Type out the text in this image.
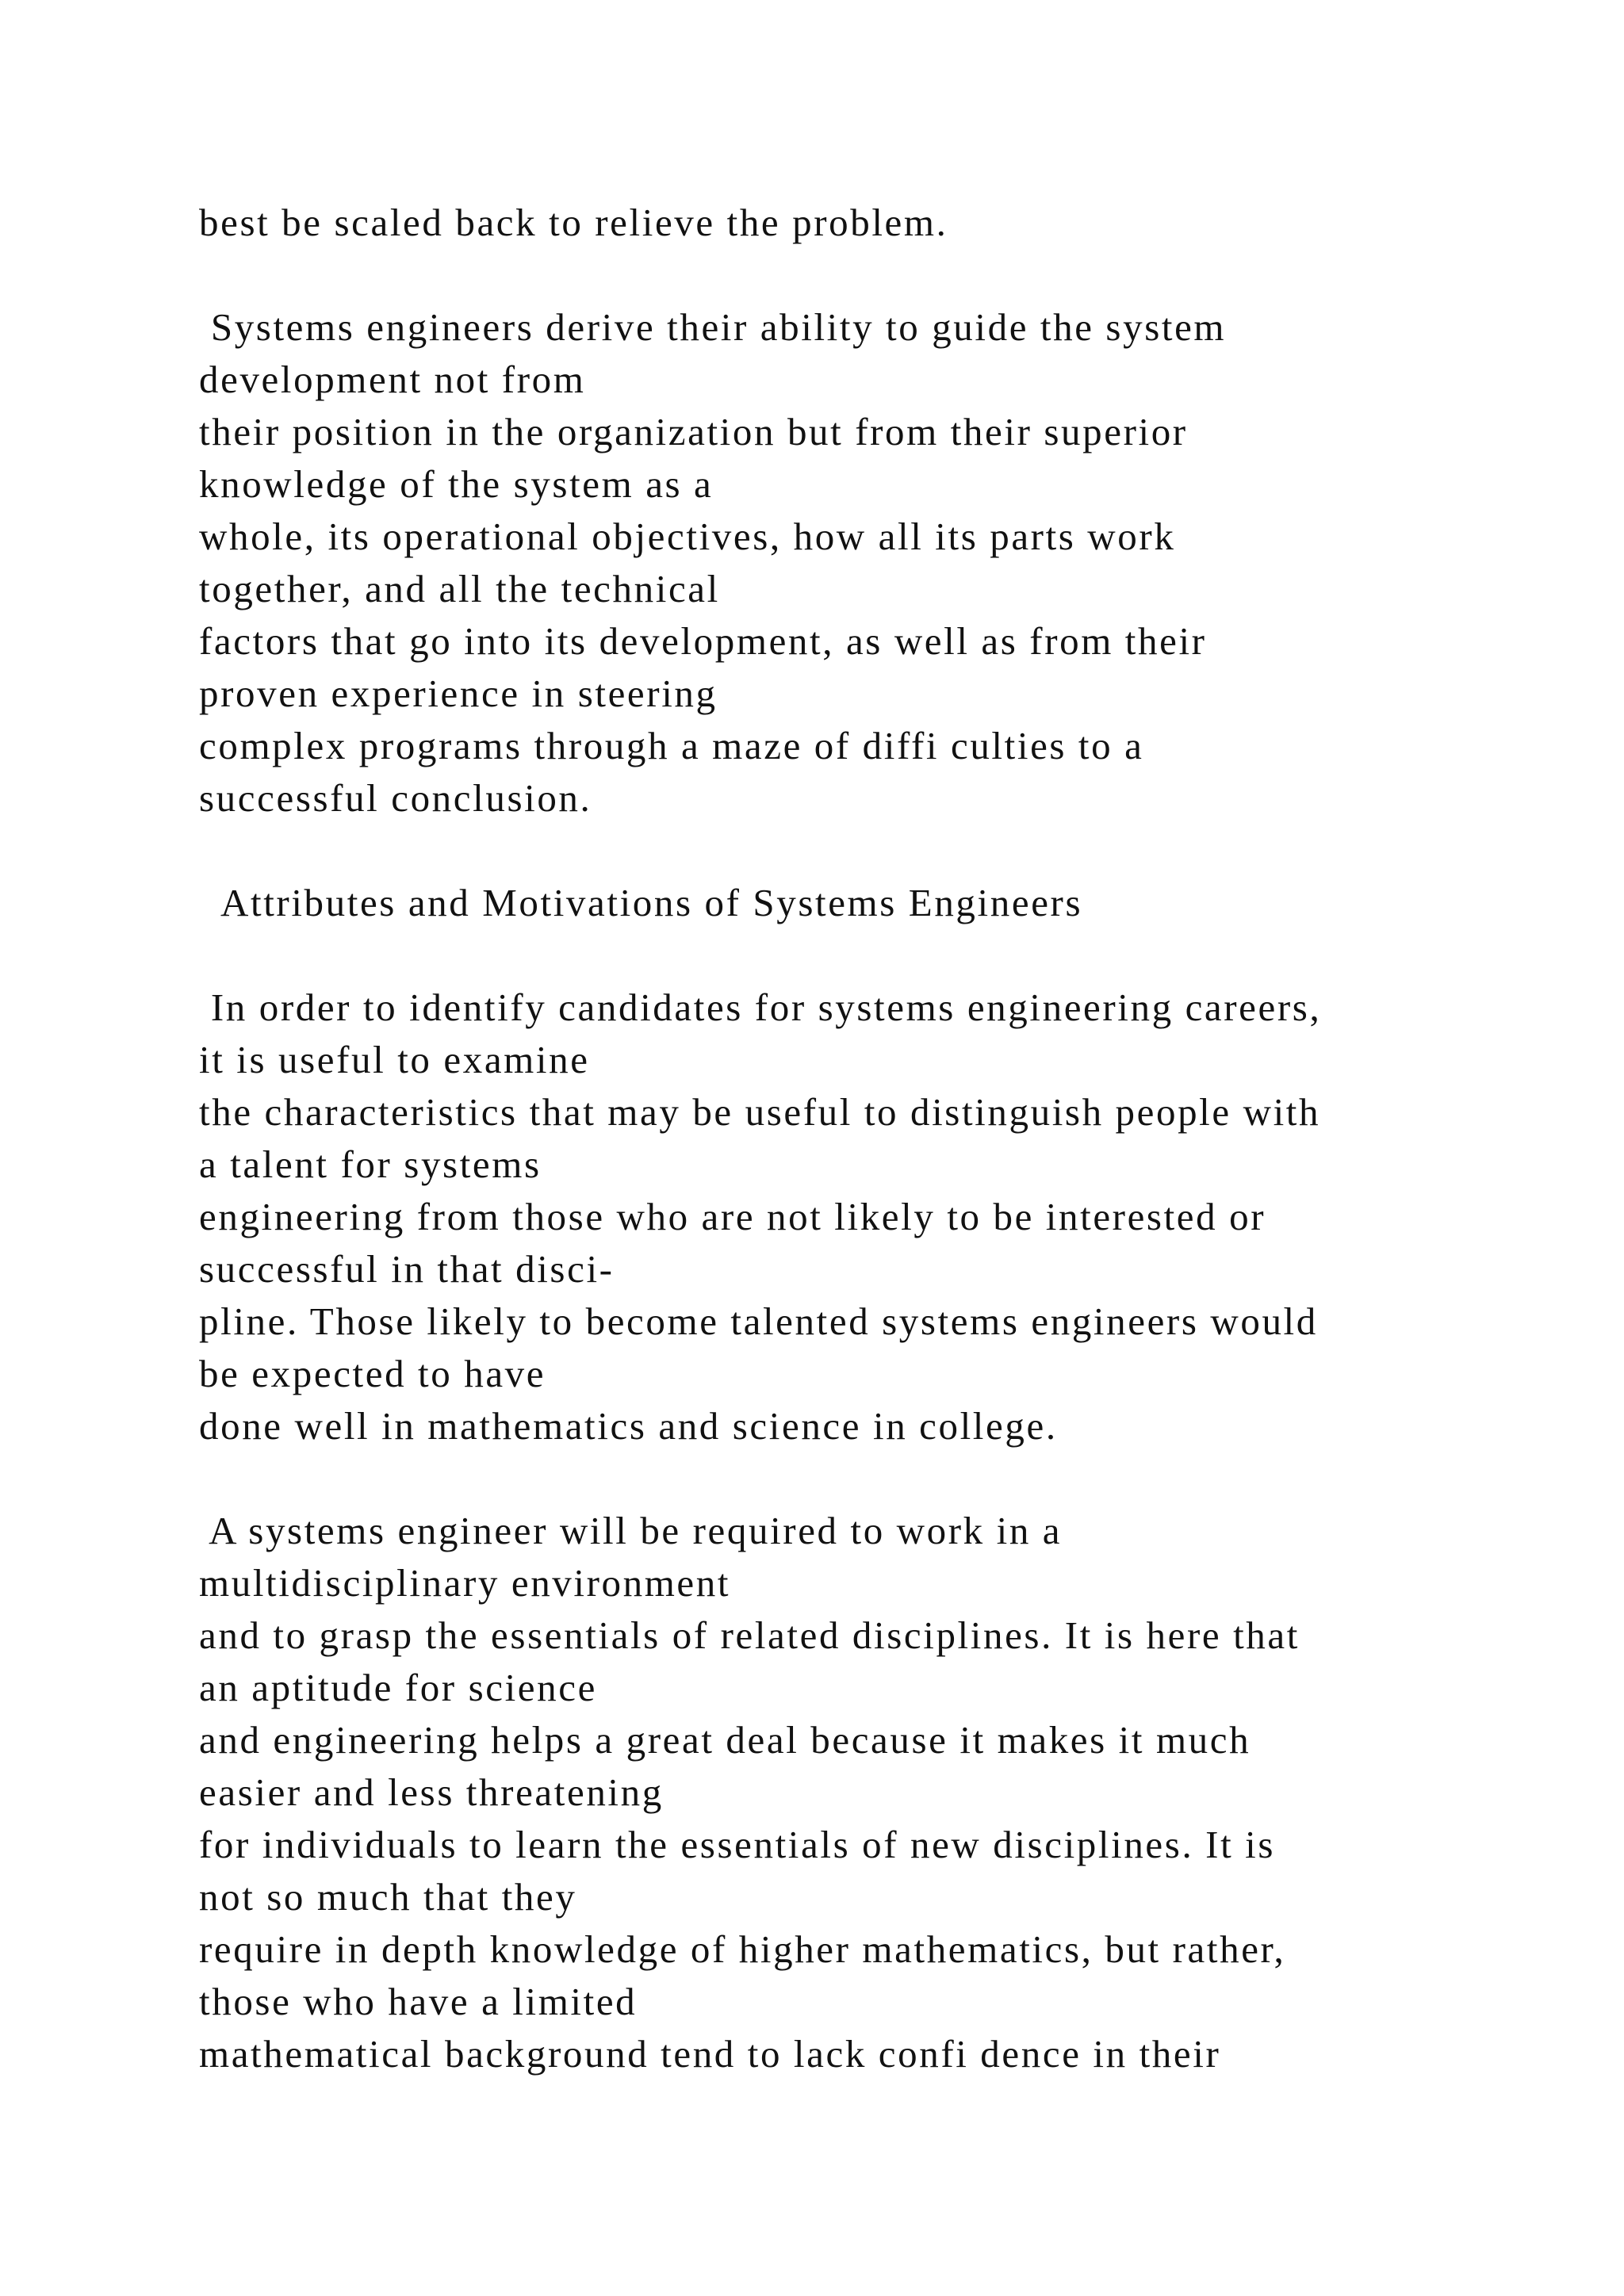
best be scaled back to relieve the problem.
Systems engineers derive their ability to guide the system
development not from
their position in the organization but from their superior
knowledge of the system as a
whole, its operational objectives, how all its parts work
together, and all the technical
factors that go into its development, as well as from their
proven experience in steering
complex programs through a maze of diffi culties to a
successful conclusion.
Attributes and Motivations of Systems Engineers
In order to identify candidates for systems engineering careers,
it is useful to examine
the characteristics that may be useful to distinguish people with
a talent for systems
engineering from those who are not likely to be interested or
successful in that disci-
pline. Those likely to become talented systems engineers would
be expected to have
done well in mathematics and science in college.
A systems engineer will be required to work in a
multidisciplinary environment
and to grasp the essentials of related disciplines. It is here that
an aptitude for science
and engineering helps a great deal because it makes it much
easier and less threatening
for individuals to learn the essentials of new disciplines. It is
not so much that they
require in depth knowledge of higher mathematics, but rather,
those who have a limited
mathematical background tend to lack confi dence in their
